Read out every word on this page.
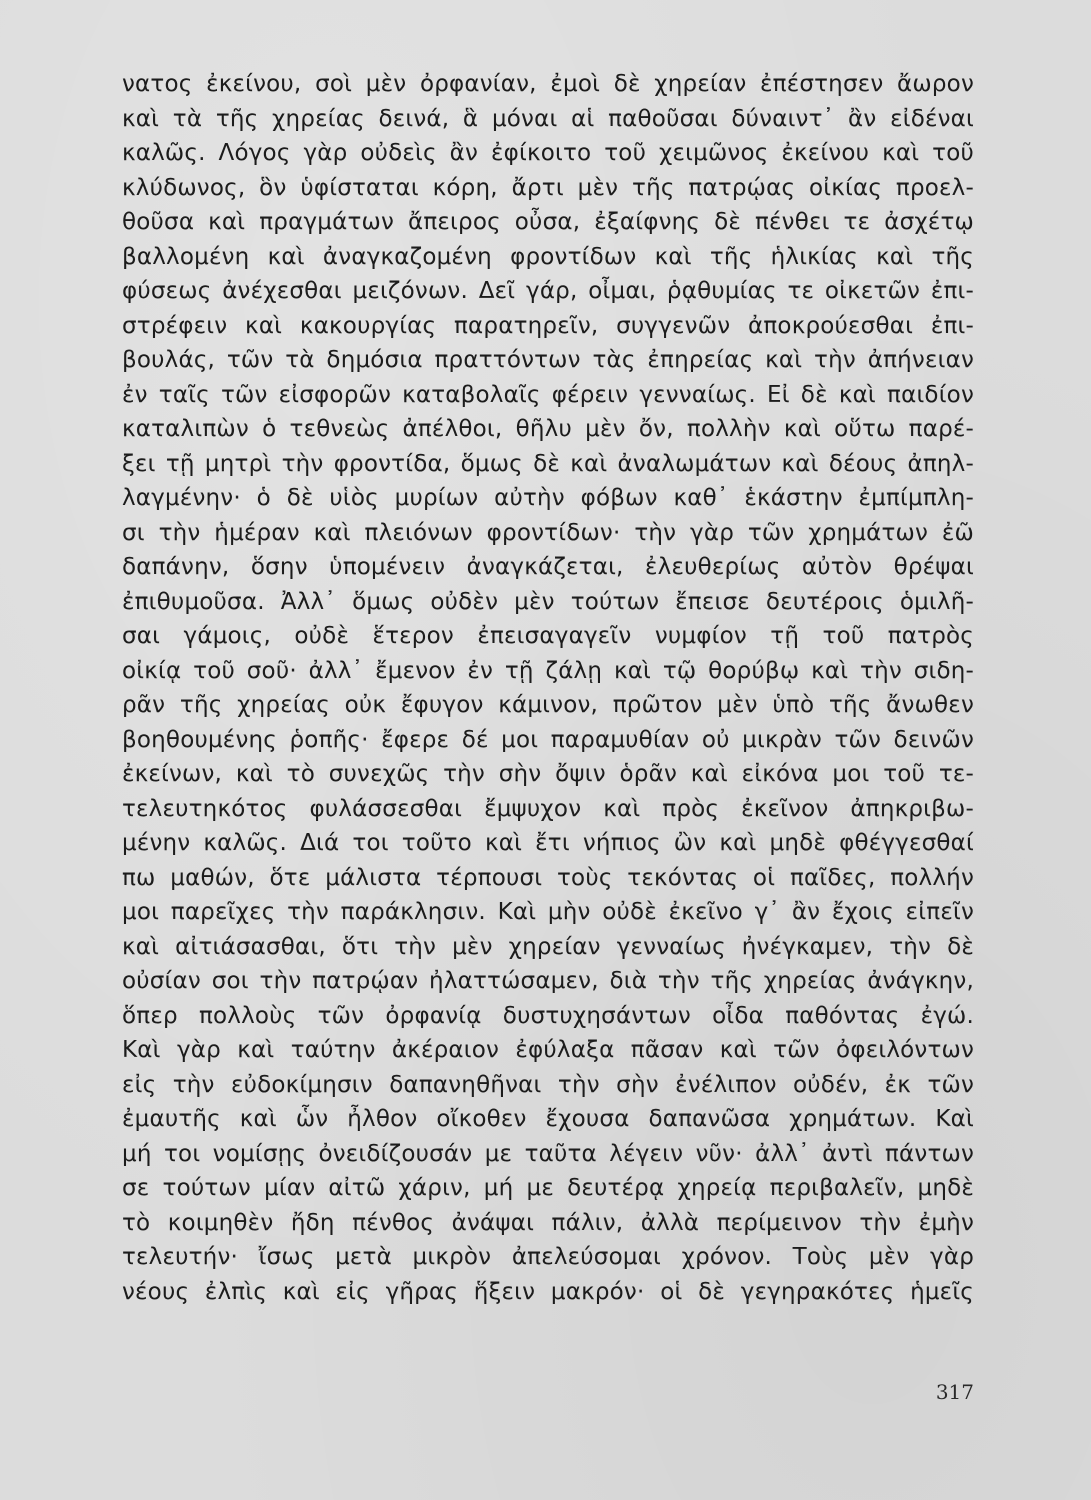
νατος ἐκείνου, σοὶ μὲν ὀρφανίαν, ἐμοὶ δὲ χηρείαν ἐπέστησεν ἄωρον
καὶ τὰ τῆς χηρείας δεινά, ἃ μόναι αἱ παθοῦσαι δύναιντ᾽ ἂν εἰδέναι
καλῶς. Λόγος γὰρ οὐδεὶς ἂν ἐφίκοιτο τοῦ χειμῶνος ἐκείνου καὶ τοῦ
κλύδωνος, ὃν ὑφίσταται κόρη, ἄρτι μὲν τῆς πατρῴας οἰκίας προελ-
θοῦσα καὶ πραγμάτων ἄπειρος οὖσα, ἐξαίφνης δὲ πένθει τε ἀσχέτῳ
βαλλομένη καὶ ἀναγκαζομένη φροντίδων καὶ τῆς ἡλικίας καὶ τῆς
φύσεως ἀνέχεσθαι μειζόνων. Δεῖ γάρ, οἶμαι, ῥᾳθυμίας τε οἰκετῶν ἐπι-
στρέφειν καὶ κακουργίας παρατηρεῖν, συγγενῶν ἀποκρούεσθαι ἐπι-
βουλάς, τῶν τὰ δημόσια πραττόντων τὰς ἐπηρείας καὶ τὴν ἀπήνειαν
ἐν ταῖς τῶν εἰσφορῶν καταβολαῖς φέρειν γενναίως. Εἰ δὲ καὶ παιδίον
καταλιπὼν ὁ τεθνεὼς ἀπέλθοι, θῆλυ μὲν ὄν, πολλὴν καὶ οὕτω παρέ-
ξει τῇ μητρὶ τὴν φροντίδα, ὅμως δὲ καὶ ἀναλωμάτων καὶ δέους ἀπηλ-
λαγμένην· ὁ δὲ υἱὸς μυρίων αὐτὴν φόβων καθ᾽ ἑκάστην ἐμπίμπλη-
σι τὴν ἡμέραν καὶ πλειόνων φροντίδων· τὴν γὰρ τῶν χρημάτων ἐῶ
δαπάνην, ὅσην ὑπομένειν ἀναγκάζεται, ἐλευθερίως αὐτὸν θρέψαι
ἐπιθυμοῦσα. Ἀλλ᾽ ὅμως οὐδὲν μὲν τούτων ἔπεισε δευτέροις ὁμιλῆ-
σαι γάμοις, οὐδὲ ἕτερον ἐπεισαγαγεῖν νυμφίον τῇ τοῦ πατρὸς
οἰκίᾳ τοῦ σοῦ· ἀλλ᾽ ἔμενον ἐν τῇ ζάλῃ καὶ τῷ θορύβῳ καὶ τὴν σιδη-
ρᾶν τῆς χηρείας οὐκ ἔφυγον κάμινον, πρῶτον μὲν ὑπὸ τῆς ἄνωθεν
βοηθουμένης ῥοπῆς· ἔφερε δέ μοι παραμυθίαν οὐ μικρὰν τῶν δεινῶν
ἐκείνων, καὶ τὸ συνεχῶς τὴν σὴν ὄψιν ὁρᾶν καὶ εἰκόνα μοι τοῦ τε-
τελευτηκότος φυλάσσεσθαι ἔμψυχον καὶ πρὸς ἐκεῖνον ἀπηκριβω-
μένην καλῶς. Διά τοι τοῦτο καὶ ἔτι νήπιος ὢν καὶ μηδὲ φθέγγεσθαί
πω μαθών, ὅτε μάλιστα τέρπουσι τοὺς τεκόντας οἱ παῖδες, πολλήν
μοι παρεῖχες τὴν παράκλησιν. Καὶ μὴν οὐδὲ ἐκεῖνο γ᾽ ἂν ἔχοις εἰπεῖν
καὶ αἰτιάσασθαι, ὅτι τὴν μὲν χηρείαν γενναίως ἠνέγκαμεν, τὴν δὲ
οὐσίαν σοι τὴν πατρῴαν ἠλαττώσαμεν, διὰ τὴν τῆς χηρείας ἀνάγκην,
ὅπερ πολλοὺς τῶν ὀρφανίᾳ δυστυχησάντων οἶδα παθόντας ἐγώ.
Καὶ γὰρ καὶ ταύτην ἀκέραιον ἐφύλαξα πᾶσαν καὶ τῶν ὀφειλόντων
εἰς τὴν εὐδοκίμησιν δαπανηθῆναι τὴν σὴν ἐνέλιπον οὐδέν, ἐκ τῶν
ἐμαυτῆς καὶ ὧν ἦλθον οἴκοθεν ἔχουσα δαπανῶσα χρημάτων. Καὶ
μή τοι νομίσῃς ὀνειδίζουσάν με ταῦτα λέγειν νῦν· ἀλλ᾽ ἀντὶ πάντων
σε τούτων μίαν αἰτῶ χάριν, μή με δευτέρᾳ χηρείᾳ περιβαλεῖν, μηδὲ
τὸ κοιμηθὲν ἤδη πένθος ἀνάψαι πάλιν, ἀλλὰ περίμεινον τὴν ἐμὴν
τελευτήν· ἴσως μετὰ μικρὸν ἀπελεύσομαι χρόνον. Τοὺς μὲν γὰρ
νέους ἐλπὶς καὶ εἰς γῆρας ἥξειν μακρόν· οἱ δὲ γεγηρακότες ἡμεῖς
317
